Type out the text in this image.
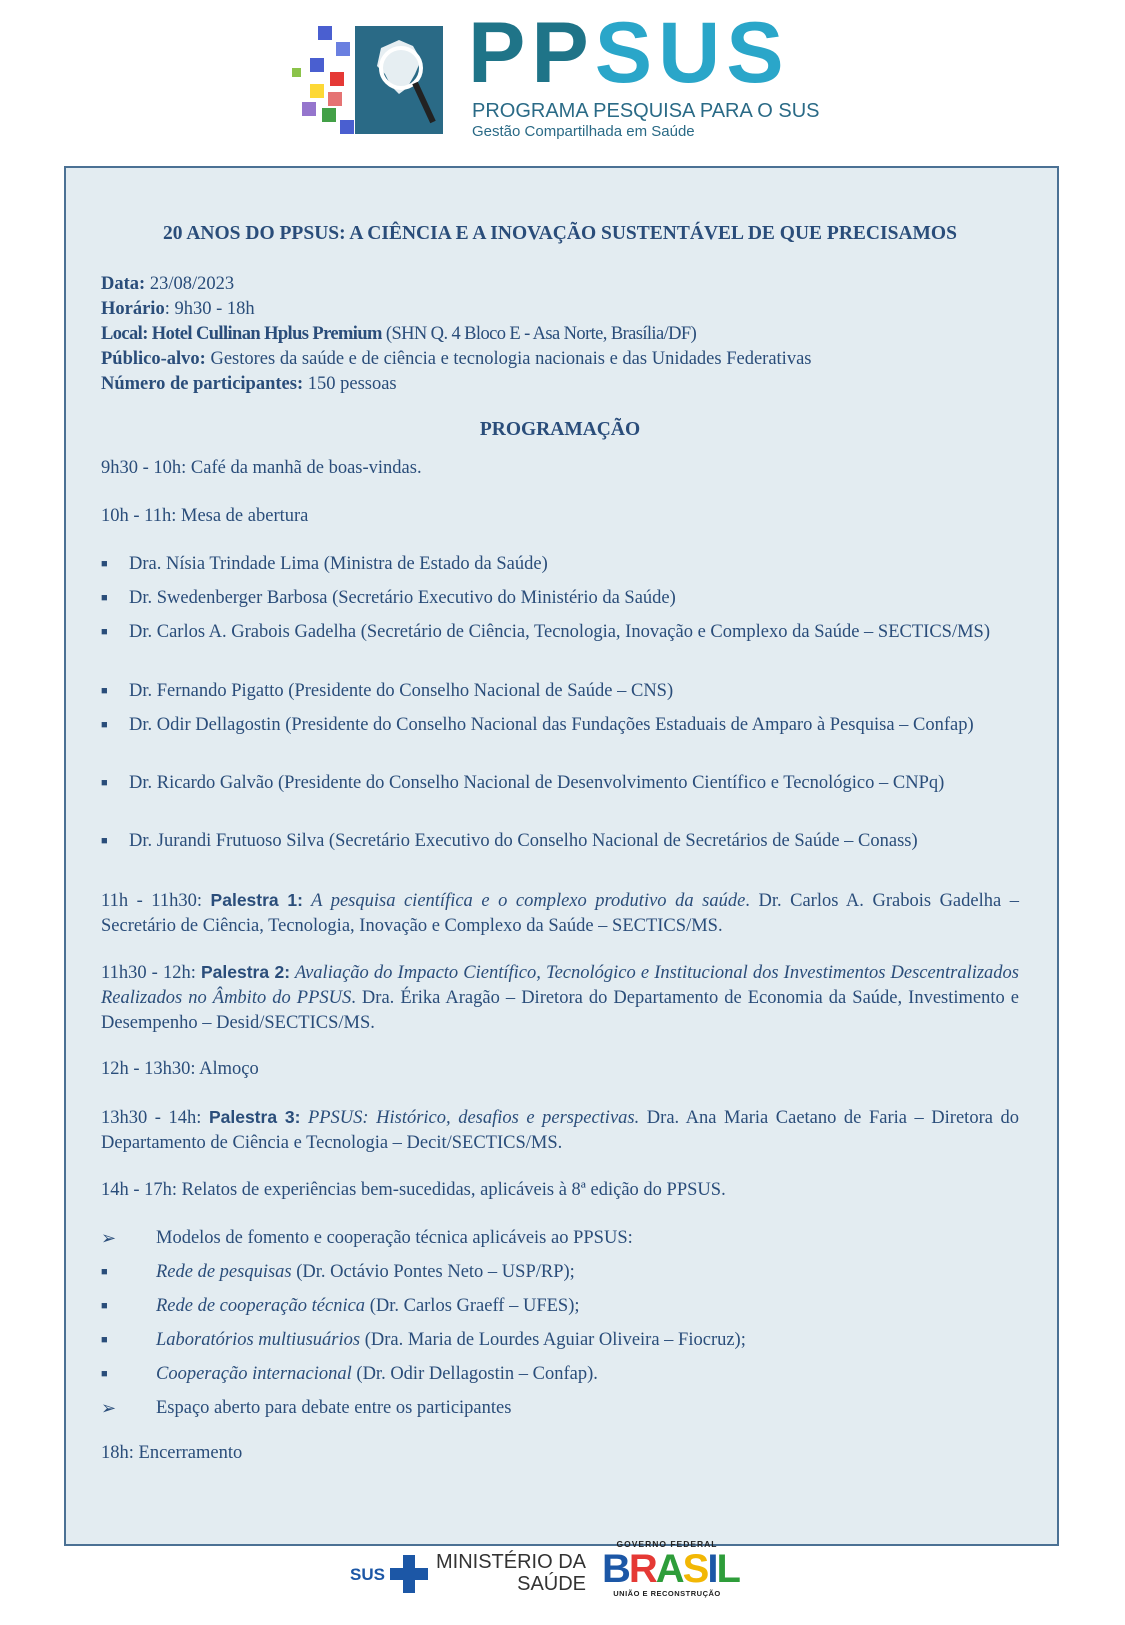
PPSUS
PROGRAMA PESQUISA PARA O SUS
Gestão Compartilhada em Saúde
20 ANOS DO PPSUS: A CIÊNCIA E A INOVAÇÃO SUSTENTÁVEL DE QUE PRECISAMOS
Data: 23/08/2023
Horário: 9h30 - 18h
Local: Hotel Cullinan Hplus Premium (SHN Q. 4 Bloco E - Asa Norte, Brasília/DF)
Público-alvo: Gestores da saúde e de ciência e tecnologia nacionais e das Unidades Federativas
Número de participantes: 150 pessoas
PROGRAMAÇÃO
9h30 - 10h: Café da manhã de boas-vindas.
10h - 11h: Mesa de abertura
■ Dra. Nísia Trindade Lima (Ministra de Estado da Saúde)
■ Dr. Swedenberger Barbosa (Secretário Executivo do Ministério da Saúde)
■ Dr. Carlos A. Grabois Gadelha (Secretário de Ciência, Tecnologia, Inovação e Complexo da Saúde – SECTICS/MS)
■ Dr. Fernando Pigatto (Presidente do Conselho Nacional de Saúde – CNS)
■ Dr. Odir Dellagostin (Presidente do Conselho Nacional das Fundações Estaduais de Amparo à Pesquisa – Confap)
■ Dr. Ricardo Galvão (Presidente do Conselho Nacional de Desenvolvimento Científico e Tecnológico – CNPq)
■ Dr. Jurandi Frutuoso Silva (Secretário Executivo do Conselho Nacional de Secretários de Saúde – Conass)
11h - 11h30: Palestra 1: A pesquisa científica e o complexo produtivo da saúde. Dr. Carlos A. Grabois Gadelha – Secretário de Ciência, Tecnologia, Inovação e Complexo da Saúde – SECTICS/MS.
11h30 - 12h: Palestra 2: Avaliação do Impacto Científico, Tecnológico e Institucional dos Investimentos Descentralizados Realizados no Âmbito do PPSUS. Dra. Érika Aragão – Diretora do Departamento de Economia da Saúde, Investimento e Desempenho – Desid/SECTICS/MS.
12h - 13h30: Almoço
13h30 - 14h: Palestra 3: PPSUS: Histórico, desafios e perspectivas. Dra. Ana Maria Caetano de Faria – Diretora do Departamento de Ciência e Tecnologia – Decit/SECTICS/MS.
14h - 17h: Relatos de experiências bem-sucedidas, aplicáveis à 8ª edição do PPSUS.
➢ Modelos de fomento e cooperação técnica aplicáveis ao PPSUS:
■	Rede de pesquisas (Dr. Octávio Pontes Neto – USP/RP);
■	Rede de cooperação técnica (Dr. Carlos Graeff – UFES);
■	Laboratórios multiusuários (Dra. Maria de Lourdes Aguiar Oliveira – Fiocruz);
■	Cooperação internacional (Dr. Odir Dellagostin – Confap).
➢ Espaço aberto para debate entre os participantes
18h: Encerramento
SUS
MINISTÉRIO DA
SAÚDE
GOVERNO FEDERAL
BRASIL
UNIÃO E RECONSTRUÇÃO
